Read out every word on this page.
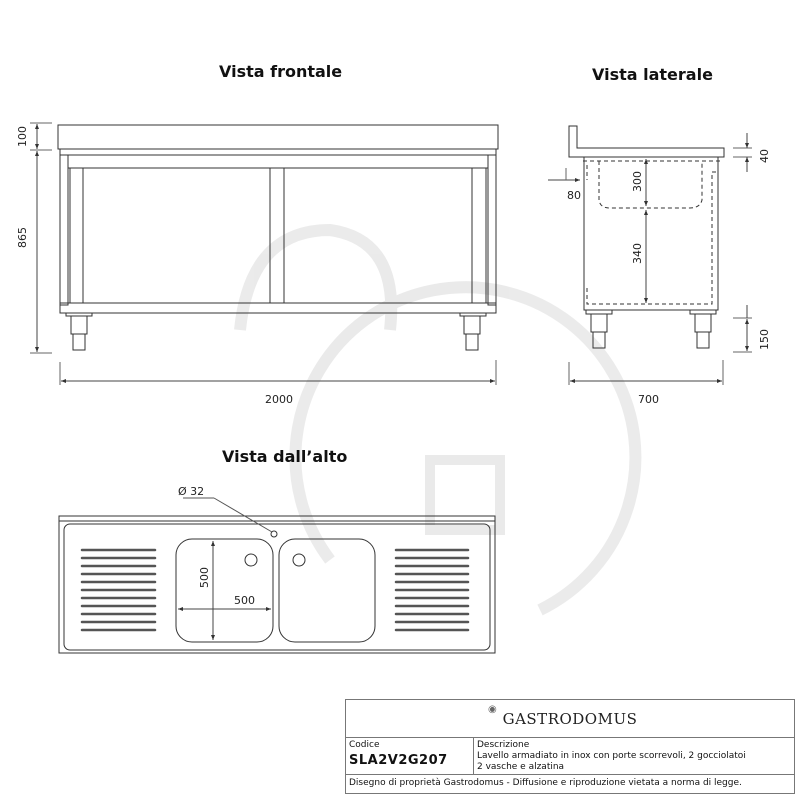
Vista frontale	Vista laterale
Vista dall’alto
100
865
2000
300
340
80
40
150
700
Ø 32
500
500
◉ GASTRODOMUS
Codice
SLA2V2G207
Descrizione
Lavello armadiato in inox con porte scorrevoli, 2 gocciolatoi
2 vasche e alzatina
Disegno di proprietà Gastrodomus - Diffusione e riproduzione vietata a norma di legge.
